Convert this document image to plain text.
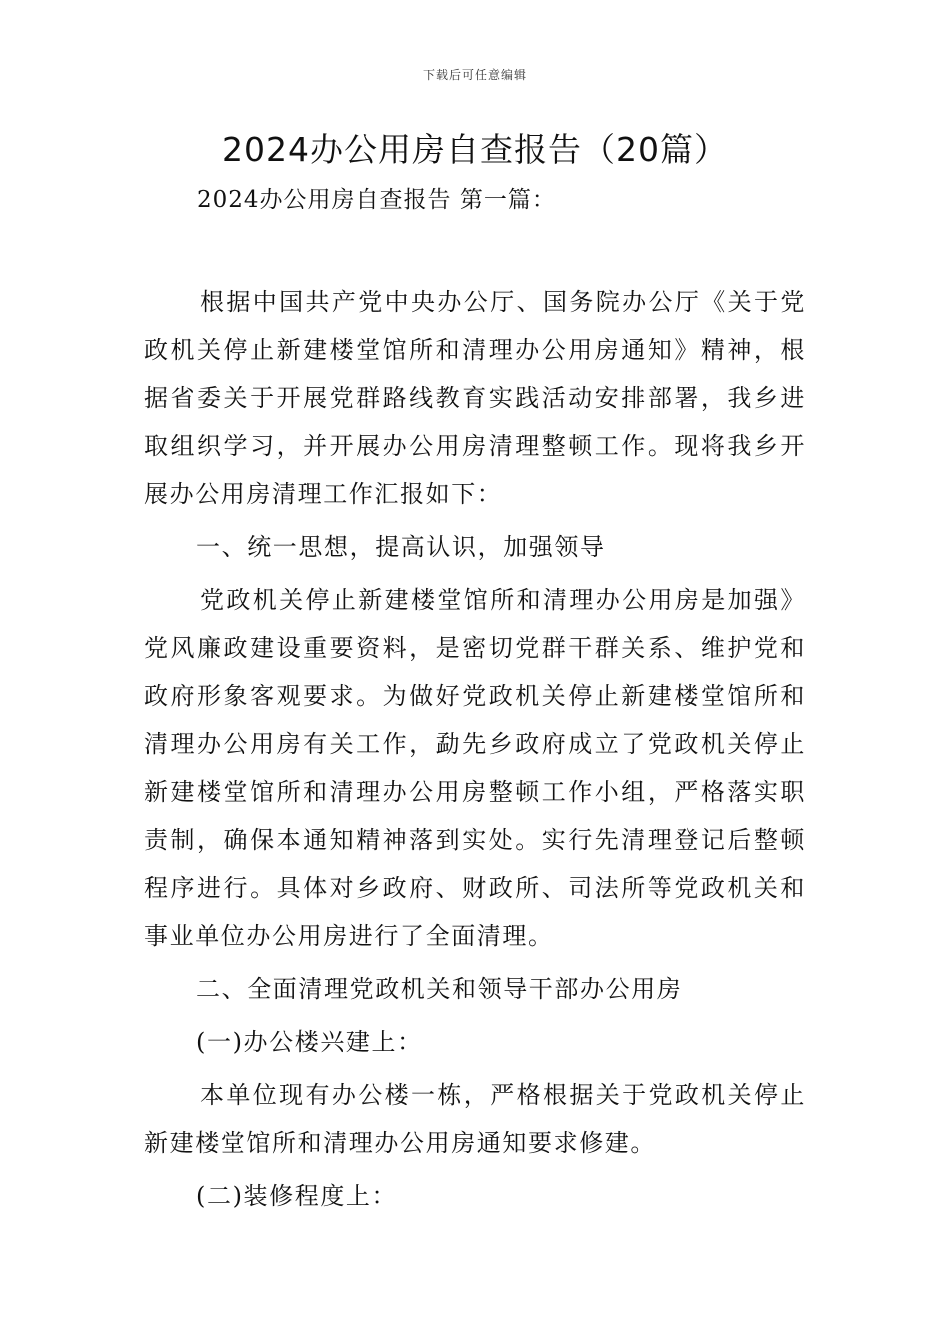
下载后可任意编辑
2024办公用房自查报告（20篇）
2024办公用房自查报告 第一篇：

根据中国共产党中央办公厅、国务院办公厅《关于党政机关停止新建楼堂馆所和清理办公用房通知》精神，根据省委关于开展党群路线教育实践活动安排部署，我乡进取组织学习，并开展办公用房清理整顿工作。现将我乡开展办公用房清理工作汇报如下：

一、统一思想，提高认识，加强领导

党政机关停止新建楼堂馆所和清理办公用房是加强》党风廉政建设重要资料，是密切党群干群关系、维护党和政府形象客观要求。为做好党政机关停止新建楼堂馆所和清理办公用房有关工作，勐先乡政府成立了党政机关停止新建楼堂馆所和清理办公用房整顿工作小组，严格落实职责制，确保本通知精神落到实处。实行先清理登记后整顿程序进行。具体对乡政府、财政所、司法所等党政机关和事业单位办公用房进行了全面清理。

二、全面清理党政机关和领导干部办公用房

(一)办公楼兴建上：

本单位现有办公楼一栋，严格根据关于党政机关停止新建楼堂馆所和清理办公用房通知要求修建。

(二)装修程度上：
